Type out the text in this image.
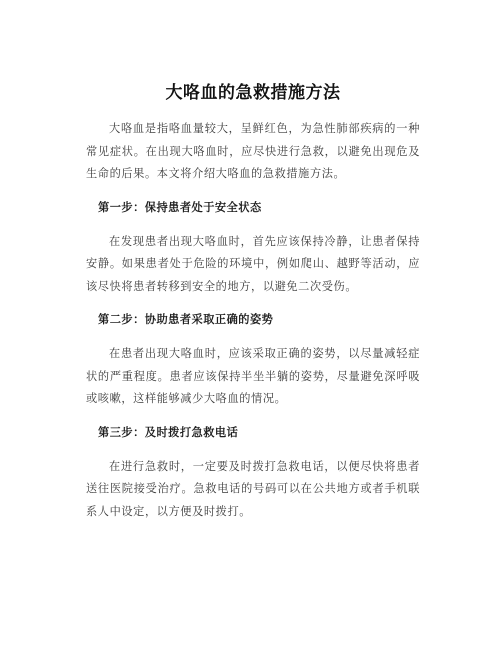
大咯血的急救措施方法

大咯血是指咯血量较大，呈鲜红色，为急性肺部疾病的一种常见症状。在出现大咯血时，应尽快进行急救，以避免出现危及生命的后果。本文将介绍大咯血的急救措施方法。

第一步：保持患者处于安全状态

在发现患者出现大咯血时，首先应该保持冷静，让患者保持安静。如果患者处于危险的环境中，例如爬山、越野等活动，应该尽快将患者转移到安全的地方，以避免二次受伤。

第二步：协助患者采取正确的姿势

在患者出现大咯血时，应该采取正确的姿势，以尽量减轻症状的严重程度。患者应该保持半坐半躺的姿势，尽量避免深呼吸或咳嗽，这样能够减少大咯血的情况。

第三步：及时拨打急救电话

在进行急救时，一定要及时拨打急救电话，以便尽快将患者送往医院接受治疗。急救电话的号码可以在公共地方或者手机联系人中设定，以方便及时拨打。
